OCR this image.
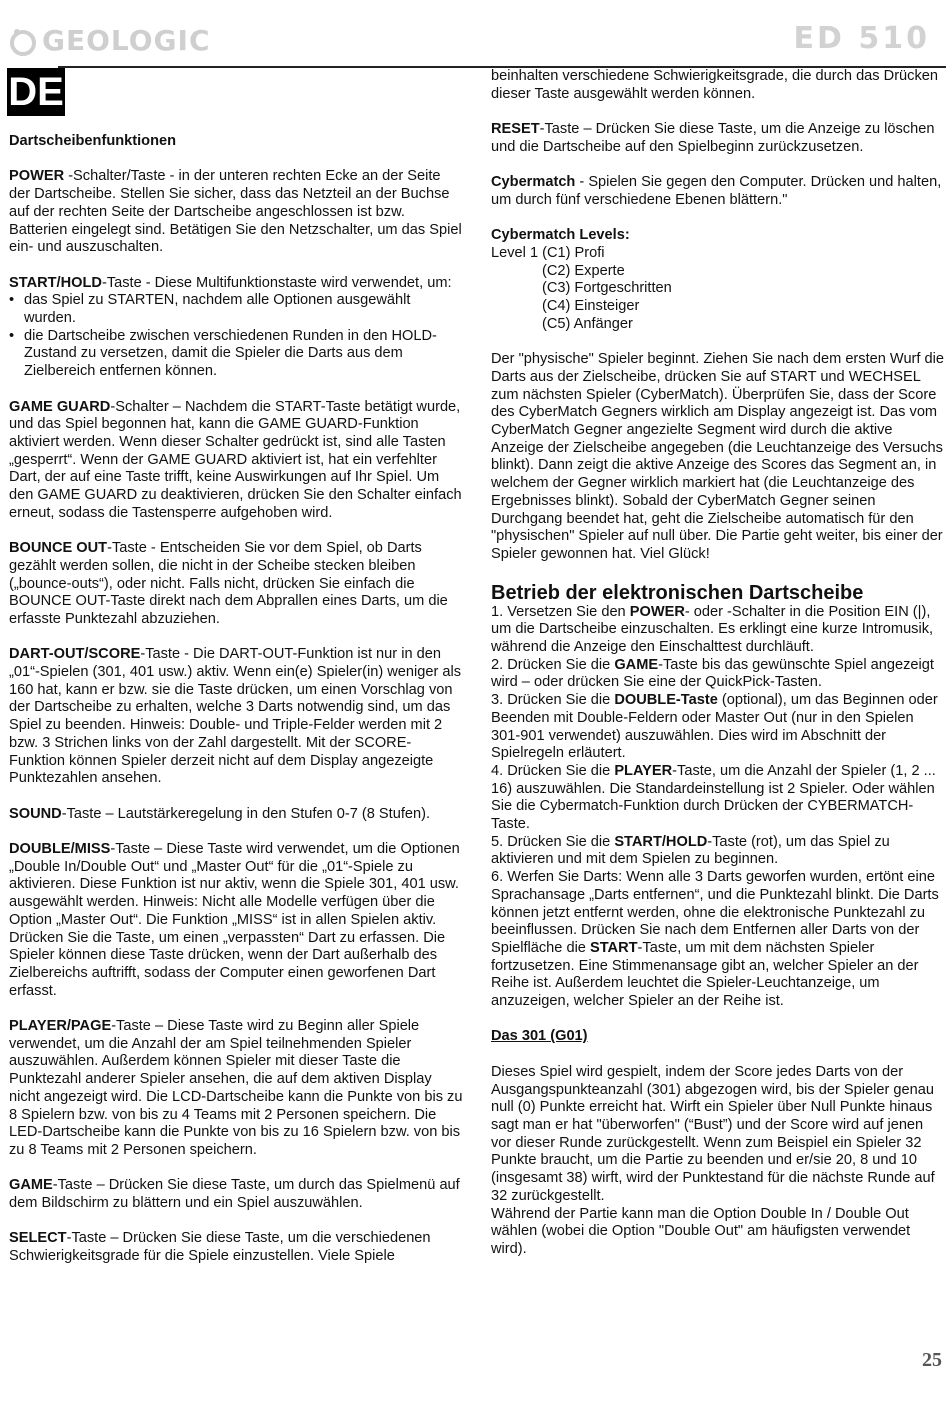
GEOLOGIC	ED 510
DE
Dartscheibenfunktionen

POWER -Schalter/Taste - in der unteren rechten Ecke an der Seite der Dartscheibe. Stellen Sie sicher, dass das Netzteil an der Buchse auf der rechten Seite der Dartscheibe angeschlossen ist bzw. Batterien eingelegt sind. Betätigen Sie den Netzschalter, um das Spiel ein- und auszuschalten.

START/HOLD-Taste - Diese Multifunktionstaste wird verwendet, um:

• das Spiel zu STARTEN, nachdem alle Optionen ausgewählt wurden.
• die Dartscheibe zwischen verschiedenen Runden in den HOLD-Zustand zu versetzen, damit die Spieler die Darts aus dem Zielbereich entfernen können.

GAME GUARD-Schalter – Nachdem die START-Taste betätigt wurde, und das Spiel begonnen hat, kann die GAME GUARD-Funktion aktiviert werden. Wenn dieser Schalter gedrückt ist, sind alle Tasten „gesperrt“. Wenn der GAME GUARD aktiviert ist, hat ein verfehlter Dart, der auf eine Taste trifft, keine Auswirkungen auf Ihr Spiel. Um den GAME GUARD zu deaktivieren, drücken Sie den Schalter einfach erneut, sodass die Tastensperre aufgehoben wird.

BOUNCE OUT-Taste - Entscheiden Sie vor dem Spiel, ob Darts gezählt werden sollen, die nicht in der Scheibe stecken bleiben („bounce-outs“), oder nicht. Falls nicht, drücken Sie einfach die BOUNCE OUT-Taste direkt nach dem Abprallen eines Darts, um die erfasste Punktezahl abzuziehen.

DART-OUT/SCORE-Taste - Die DART-OUT-Funktion ist nur in den „01“-Spielen (301, 401 usw.) aktiv. Wenn ein(e) Spieler(in) weniger als 160 hat, kann er bzw. sie die Taste drücken, um einen Vorschlag von der Dartscheibe zu erhalten, welche 3 Darts notwendig sind, um das Spiel zu beenden. Hinweis: Double- und Triple-Felder werden mit 2 bzw. 3 Strichen links von der Zahl dargestellt. Mit der SCORE-Funktion können Spieler derzeit nicht auf dem Display angezeigte Punktezahlen ansehen.

SOUND-Taste – Lautstärkeregelung in den Stufen 0-7 (8 Stufen).

DOUBLE/MISS-Taste – Diese Taste wird verwendet, um die Optionen „Double In/Double Out“ und „Master Out“ für die „01“-Spiele zu aktivieren. Diese Funktion ist nur aktiv, wenn die Spiele 301, 401 usw. ausgewählt werden. Hinweis: Nicht alle Modelle verfügen über die Option „Master Out“. Die Funktion „MISS“ ist in allen Spielen aktiv. Drücken Sie die Taste, um einen „verpassten“ Dart zu erfassen. Die Spieler können diese Taste drücken, wenn der Dart außerhalb des Zielbereichs auftrifft, sodass der Computer einen geworfenen Dart erfasst.

PLAYER/PAGE-Taste – Diese Taste wird zu Beginn aller Spiele verwendet, um die Anzahl der am Spiel teilnehmenden Spieler auszuwählen. Außerdem können Spieler mit dieser Taste die Punktezahl anderer Spieler ansehen, die auf dem aktiven Display nicht angezeigt wird. Die LCD-Dartscheibe kann die Punkte von bis zu 8 Spielern bzw. von bis zu 4 Teams mit 2 Personen speichern. Die LED-Dartscheibe kann die Punkte von bis zu 16 Spielern bzw. von bis zu 8 Teams mit 2 Personen speichern.

GAME-Taste – Drücken Sie diese Taste, um durch das Spielmenü auf dem Bildschirm zu blättern und ein Spiel auszuwählen.

SELECT-Taste – Drücken Sie diese Taste, um die verschiedenen Schwierigkeitsgrade für die Spiele einzustellen. Viele Spiele

beinhalten verschiedene Schwierigkeitsgrade, die durch das Drücken dieser Taste ausgewählt werden können.

RESET-Taste – Drücken Sie diese Taste, um die Anzeige zu löschen und die Dartscheibe auf den Spielbeginn zurückzusetzen.

Cybermatch - Spielen Sie gegen den Computer. Drücken und halten, um durch fünf verschiedene Ebenen blättern."

Cybermatch Levels:
Level 1 (C1) Profi
(C2) Experte
(C3) Fortgeschritten
(C4) Einsteiger
(C5) Anfänger

Der "physische" Spieler beginnt. Ziehen Sie nach dem ersten Wurf die Darts aus der Zielscheibe, drücken Sie auf START und WECHSEL zum nächsten Spieler (CyberMatch). Überprüfen Sie, dass der Score des CyberMatch Gegners wirklich am Display angezeigt ist. Das vom CyberMatch Gegner angezielte Segment wird durch die aktive Anzeige der Zielscheibe angegeben (die Leuchtanzeige des Versuchs blinkt). Dann zeigt die aktive Anzeige des Scores das Segment an, in welchem der Gegner wirklich markiert hat (die Leuchtanzeige des Ergebnisses blinkt). Sobald der CyberMatch Gegner seinen Durchgang beendet hat, geht die Zielscheibe automatisch für den "physischen" Spieler auf null über. Die Partie geht weiter, bis einer der Spieler gewonnen hat. Viel Glück!

Betrieb der elektronischen Dartscheibe
1. Versetzen Sie den POWER- oder -Schalter in die Position EIN (|), um die Dartscheibe einzuschalten. Es erklingt eine kurze Intromusik, während die Anzeige den Einschalttest durchläuft.
2. Drücken Sie die GAME-Taste bis das gewünschte Spiel angezeigt wird – oder drücken Sie eine der QuickPick-Tasten.
3. Drücken Sie die DOUBLE-Taste (optional), um das Beginnen oder Beenden mit Double-Feldern oder Master Out (nur in den Spielen 301-901 verwendet) auszuwählen. Dies wird im Abschnitt der Spielregeln erläutert.
4. Drücken Sie die PLAYER-Taste, um die Anzahl der Spieler (1, 2 ... 16) auszuwählen. Die Standardeinstellung ist 2 Spieler. Oder wählen Sie die Cybermatch-Funktion durch Drücken der CYBERMATCH-Taste.
5. Drücken Sie die START/HOLD-Taste (rot), um das Spiel zu aktivieren und mit dem Spielen zu beginnen.
6. Werfen Sie Darts: Wenn alle 3 Darts geworfen wurden, ertönt eine Sprachansage „Darts entfernen“, und die Punktezahl blinkt. Die Darts können jetzt entfernt werden, ohne die elektronische Punktezahl zu beeinflussen. Drücken Sie nach dem Entfernen aller Darts von der Spielfläche die START-Taste, um mit dem nächsten Spieler fortzusetzen. Eine Stimmenansage gibt an, welcher Spieler an der Reihe ist. Außerdem leuchtet die Spieler-Leuchtanzeige, um anzuzeigen, welcher Spieler an der Reihe ist.
Das 301 (G01)

Dieses Spiel wird gespielt, indem der Score jedes Darts von der Ausgangspunkteanzahl (301) abgezogen wird, bis der Spieler genau null (0) Punkte erreicht hat. Wirft ein Spieler über Null Punkte hinaus sagt man er hat "überworfen" (“Bust”) und der Score wird auf jenen vor dieser Runde zurückgestellt. Wenn zum Beispiel ein Spieler 32 Punkte braucht, um die Partie zu beenden und er/sie 20, 8 und 10 (insgesamt 38) wirft, wird der Punktestand für die nächste Runde auf 32 zurückgestellt.

Während der Partie kann man die Option Double In / Double Out wählen (wobei die Option "Double Out" am häufigsten verwendet wird).

25
